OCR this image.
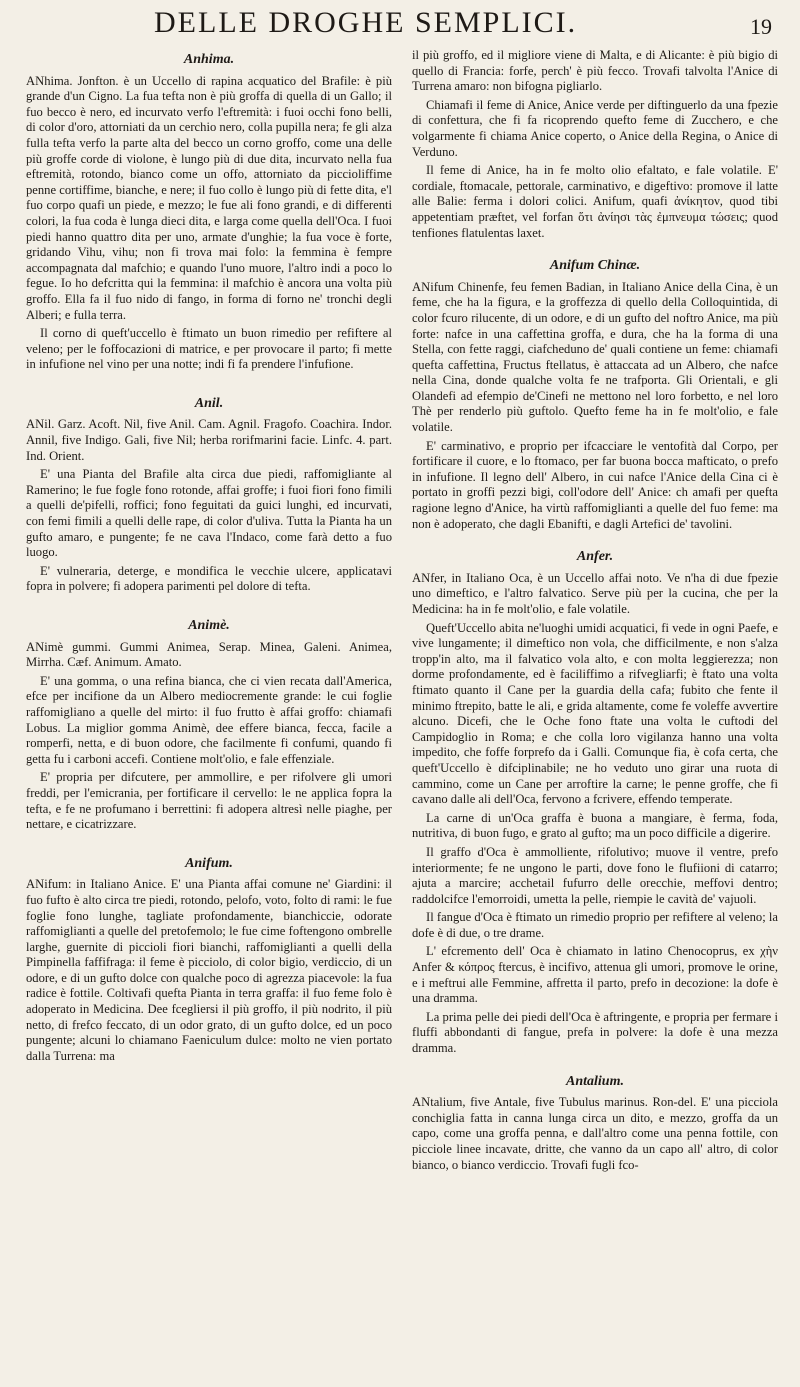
DELLE DROGHE SEMPLICI.	19
Anhima.

ANhima. Jonfton. è un Uccello di rapina acquatico del Brafile: è più grande d'un Cigno. La fua tefta non è più groffa di quella di un Gallo; il fuo becco è nero, ed incurvato verfo l'eftremità: i fuoi occhi fono belli, di color d'oro, attorniati da un cerchio nero, colla pupilla nera; fe gli alza fulla tefta verfo la parte alta del becco un corno groffo, come una delle più groffe corde di violone, è lungo più di due dita, incurvato nella fua eftremità, rotondo, bianco come un offo, attorniato da piccioliffime penne cortiffime, bianche, e nere; il fuo collo è lungo più di fette dita, e'l fuo corpo quafi un piede, e mezzo; le fue ali fono grandi, e di differenti colori, la fua coda è lunga dieci dita, e larga come quella dell'Oca. I fuoi piedi hanno quattro dita per uno, armate d'unghie; la fua voce è forte, gridando Vihu, vihu; non fi trova mai folo: la femmina è fempre accompagnata dal mafchio; e quando l'uno muore, l'altro indi a poco lo fegue. Io ho defcritta qui la femmina: il mafchio è ancora una volta più groffo. Ella fa il fuo nido di fango, in forma di forno ne' tronchi degli Alberi; e fulla terra.

Il corno di queft'uccello è ftimato un buon rimedio per refiftere al veleno; per le foffocazioni di matrice, e per provocare il parto; fi mette in infufione nel vino per una notte; indi fi fa prendere l'infufione.

Anil.

ANil. Garz. Acoft. Nil, five Anil. Cam. Agnil. Fragofo. Coachira. Indor. Annil, five Indigo. Gali, five Nil; herba rorifmarini facie. Linfc. 4. part. Ind. Orient.

E' una Pianta del Brafile alta circa due piedi, raffomigliante al Ramerino; le fue fogle fono rotonde, affai groffe; i fuoi fiori fono fimili a quelli de'pifelli, roffici; fono feguitati da guici lunghi, ed incurvati, con femi fimili a quelli delle rape, di color d'uliva. Tutta la Pianta ha un gufto amaro, e pungente; fe ne cava l'Indaco, come farà detto a fuo luogo.

E' vulneraria, deterge, e mondifica le vecchie ulcere, applicatavi fopra in polvere; fi adopera parimenti pel dolore di tefta.

Animè.

ANimè gummi. Gummi Animea, Serap. Minea, Galeni. Animea, Mirrha. Cæf. Animum. Amato.

E' una gomma, o una refina bianca, che ci vien recata dall'America, efce per incifione da un Albero mediocremente grande: le cui foglie raffomigliano a quelle del mirto: il fuo frutto è affai groffo: chiamafi Lobus. La miglior gomma Animè, dee effere bianca, fecca, facile a romperfi, netta, e di buon odore, che facilmente fi confumi, quando fi getta fu i carboni accefi. Contiene molt'olio, e fale effenziale.

E' propria per difcutere, per ammollire, e per rifolvere gli umori freddi, per l'emicrania, per fortificare il cervello: le ne applica fopra la tefta, e fe ne profumano i berrettini: fi adopera altresì nelle piaghe, per nettare, e cicatrizzare.

Anifum.

ANifum: in Italiano Anice. E' una Pianta affai comune ne' Giardini: il fuo fufto è alto circa tre piedi, rotondo, pelofo, voto, folto di rami: le fue foglie fono lunghe, tagliate profondamente, bianchiccie, odorate raffomiglianti a quelle del pretofemolo; le fue cime foftengono ombrelle larghe, guernite di piccioli fiori bianchi, raffomiglianti a quelli della Pimpinella faffifraga: il feme è picciolo, di color bigio, verdiccio, di un odore, e di un gufto dolce con qualche poco di agrezza piacevole: la fua radice è fottile. Coltivafi quefta Pianta in terra graffa: il fuo feme folo è adoperato in Medicina. Dee fcegliersi il più groffo, il più nodrito, il più netto, di frefco feccato, di un odor grato, di un gufto dolce, ed un poco pungente; alcuni lo chiamano Faeniculum dulce: molto ne vien portato dalla Turrena: ma

il più groffo, ed il migliore viene di Malta, e di Alicante: è più bigio di quello di Francia: forfe, perch' è più fecco. Trovafi talvolta l'Anice di Turrena amaro: non bifogna pigliarlo.

Chiamafi il feme di Anice, Anice verde per diftinguerlo da una fpezie di confettura, che fi fa ricoprendo quefto feme di Zucchero, e che volgarmente fi chiama Anice coperto, o Anice della Regina, o Anice di Verduno.

Il feme di Anice, ha in fe molto olio efaltato, e fale volatile. E' cordiale, ftomacale, pettorale, carminativo, e digeftivo: promove il latte alle Balie: ferma i dolori colici. Anifum, quafi ἀνίκητον, quod tibi appetentiam præftet, vel forfan ὅτι ἀνίησι τὰς ἐμπνευμα τώσεις; quod tenfiones flatulentas laxet.

Anifum Chinæ.

ANifum Chinenfe, feu femen Badian, in Italiano Anice della Cina, è un feme, che ha la figura, e la groffezza di quello della Colloquintida, di color fcuro rilucente, di un odore, e di un gufto del noftro Anice, ma più forte: nafce in una caffettina groffa, e dura, che ha la forma di una Stella, con fette raggi, ciafcheduno de' quali contiene un feme: chiamafi quefta caffettina, Fructus ftellatus, è attaccata ad un Albero, che nafce nella Cina, donde qualche volta fe ne trafporta. Gli Orientali, e gli Olandefi ad efempio de'Cinefi ne mettono nel loro forbetto, e nel loro Thè per renderlo più guftolo. Quefto feme ha in fe molt'olio, e fale volatile.

E' carminativo, e proprio per ifcacciare le ventofità dal Corpo, per fortificare il cuore, e lo ftomaco, per far buona bocca mafticato, o prefo in infufione. Il legno dell' Albero, in cui nafce l'Anice della Cina ci è portato in groffi pezzi bigi, coll'odore dell' Anice: ch amafi per quefta ragione legno d'Anice, ha virtù raffomiglianti a quelle del fuo feme: ma non è adoperato, che dagli Ebanifti, e dagli Artefici de' tavolini.

Anfer.

ANfer, in Italiano Oca, è un Uccello affai noto. Ve n'ha di due fpezie uno dimeftico, e l'altro falvatico. Serve più per la cucina, che per la Medicina: ha in fe molt'olio, e fale volatile.

Queft'Uccello abita ne'luoghi umidi acquatici, fi vede in ogni Paefe, e vive lungamente; il dimeftico non vola, che difficilmente, e non s'alza tropp'in alto, ma il falvatico vola alto, e con molta leggierezza; non dorme profondamente, ed è faciliffimo a rifvegliarfi; è ftato una volta ftimato quanto il Cane per la guardia della cafa; fubito che fente il minimo ftrepito, batte le ali, e grida altamente, come fe voleffe avvertire alcuno. Dicefi, che le Oche fono ftate una volta le cuftodi del Campidoglio in Roma; e che colla loro vigilanza hanno una volta impedito, che foffe forprefo da i Galli. Comunque fia, è cofa certa, che queft'Uccello è difciplinabile; ne ho veduto uno girar una ruota di cammino, come un Cane per arroftire la carne; le penne groffe, che fi cavano dalle ali dell'Oca, fervono a fcrivere, effendo temperate.

La carne di un'Oca graffa è buona a mangiare, è ferma, foda, nutritiva, di buon fugo, e grato al gufto; ma un poco difficile a digerire.

Il graffo d'Oca è ammolliente, rifolutivo; muove il ventre, prefo interiormente; fe ne ungono le parti, dove fono le flufiioni di catarro; ajuta a marcire; acchetail fufurro delle orecchie, meffovi dentro; raddolcifce l'emorroidi, umetta la pelle, riempie le cavità de' vajuoli.

Il fangue d'Oca è ftimato un rimedio proprio per refiftere al veleno; la dofe è di due, o tre drame.

L' efcremento dell' Oca è chiamato in latino Chenocoprus, ex χὴν Anfer & κόπρος ftercus, è incifivo, attenua gli umori, promove le orine, e i meftrui alle Femmine, affretta il parto, prefo in decozione: la dofe è una dramma.

La prima pelle dei piedi dell'Oca è aftringente, e propria per fermare i fluffi abbondanti di fangue, prefa in polvere: la dofe è una mezza dramma.

Antalium.

ANtalium, five Antale, five Tubulus marinus. Ron-del. E' una picciola conchiglia fatta in canna lunga circa un dito, e mezzo, groffa da un capo, come una groffa penna, e dall'altro come una penna fottile, con picciole linee incavate, dritte, che vanno da un capo all' altro, di color bianco, o bianco verdiccio. Trovafi fugli fco-
